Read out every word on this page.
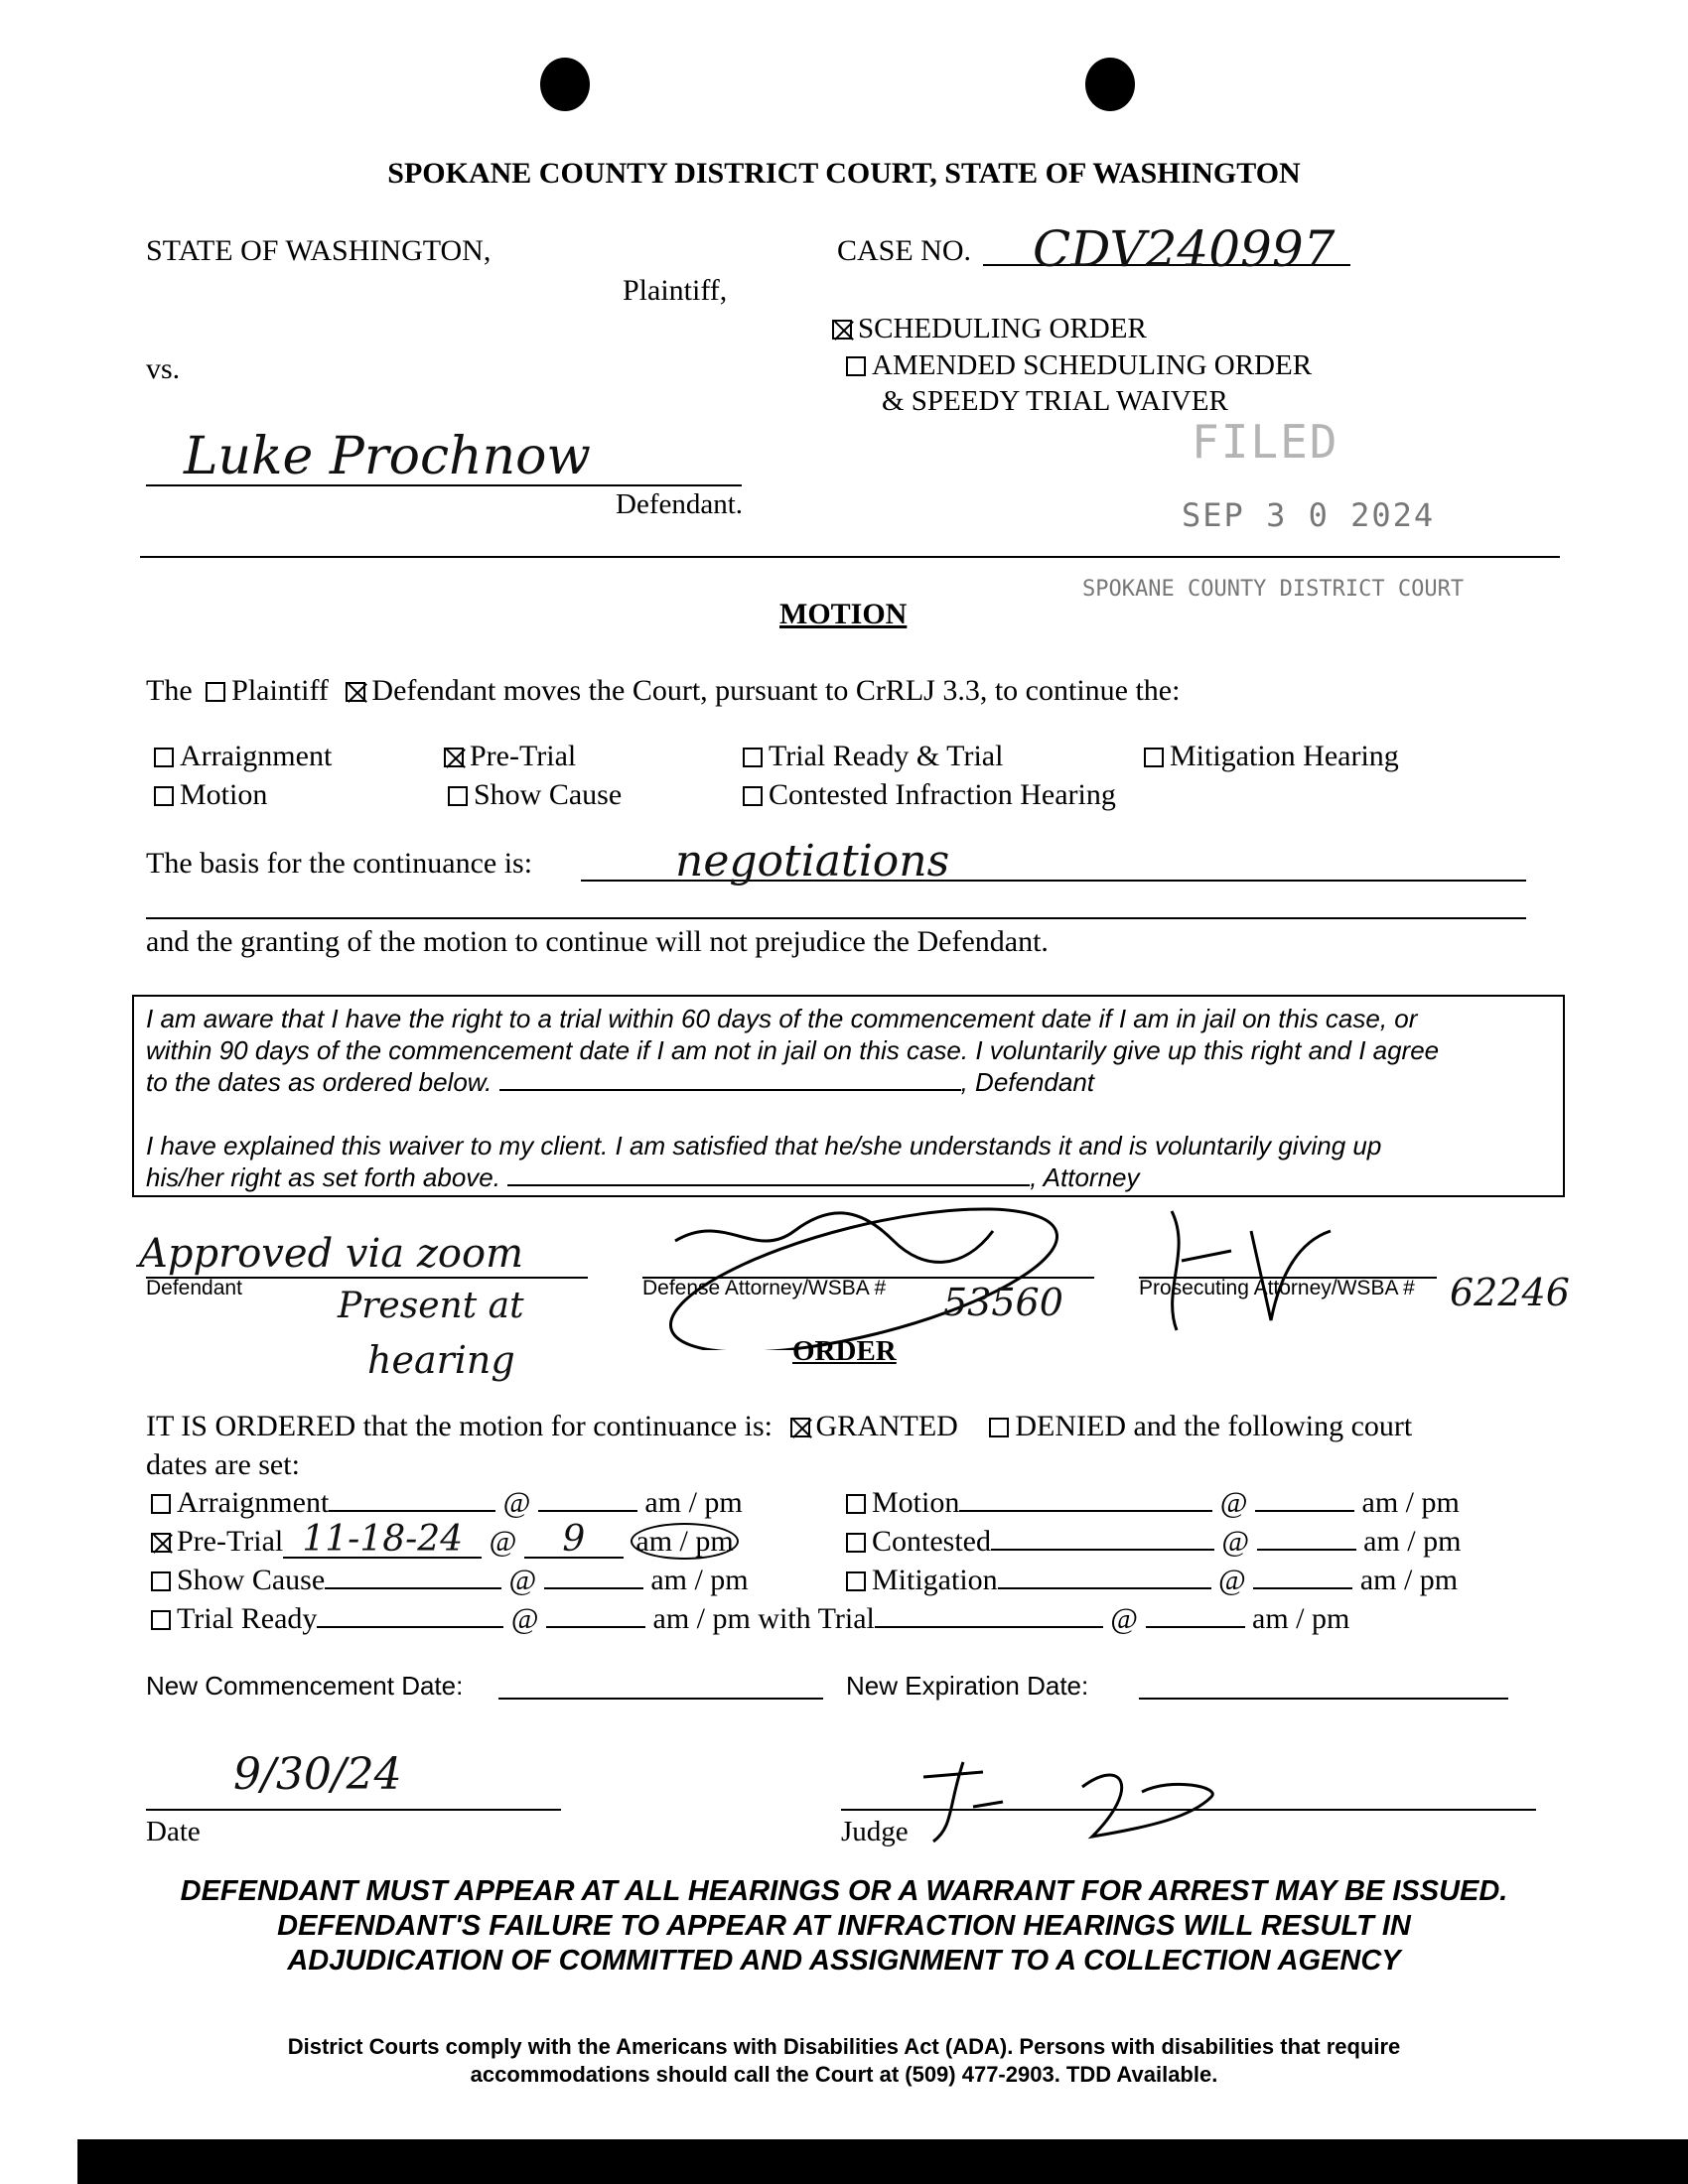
SPOKANE COUNTY DISTRICT COURT, STATE OF WASHINGTON
STATE OF WASHINGTON,
Plaintiff,
vs.
Luke Prochnow
Defendant.
CASE NO. CDV240997
SCHEDULING ORDER
AMENDED SCHEDULING ORDER
& SPEEDY TRIAL WAIVER
FILED
SEP 3 0 2024
SPOKANE COUNTY DISTRICT COURT
MOTION
The Plaintiff Defendant moves the Court, pursuant to CrRLJ 3.3, to continue the:
Arraignment	Pre-Trial	Trial Ready & Trial	Mitigation Hearing
Motion	Show Cause	Contested Infraction Hearing
The basis for the continuance is:	negotiations
and the granting of the motion to continue will not prejudice the Defendant.
I am aware that I have the right to a trial within 60 days of the commencement date if I am in jail on this case, or
within 90 days of the commencement date if I am not in jail on this case. I voluntarily give up this right and I agree
to the dates as ordered below.	, Defendant
I have explained this waiver to my client. I am satisfied that he/she understands it and is voluntarily giving up
his/her right as set forth above.	, Attorney
Approved via zoom
Defendant	Present at
hearing
Defense Attorney/WSBA # 53560	Prosecuting Attorney/WSBA # 62246
ORDER
IT IS ORDERED that the motion for continuance is: GRANTED DENIED and the following court
dates are set:
Arraignment	@	am / pm
Pre-Trial 11-18-24 @ 9 am / pm
Show Cause	@	am / pm
Trial Ready	@	am / pm with Trial	@	am / pm
Motion	@	am / pm
Contested	@	am / pm
Mitigation	@	am / pm
New Commencement Date:	New Expiration Date:
9/30/24
Date	Judge
DEFENDANT MUST APPEAR AT ALL HEARINGS OR A WARRANT FOR ARREST MAY BE ISSUED.
DEFENDANT'S FAILURE TO APPEAR AT INFRACTION HEARINGS WILL RESULT IN
ADJUDICATION OF COMMITTED AND ASSIGNMENT TO A COLLECTION AGENCY
District Courts comply with the Americans with Disabilities Act (ADA). Persons with disabilities that require
accommodations should call the Court at (509) 477-2903. TDD Available.
